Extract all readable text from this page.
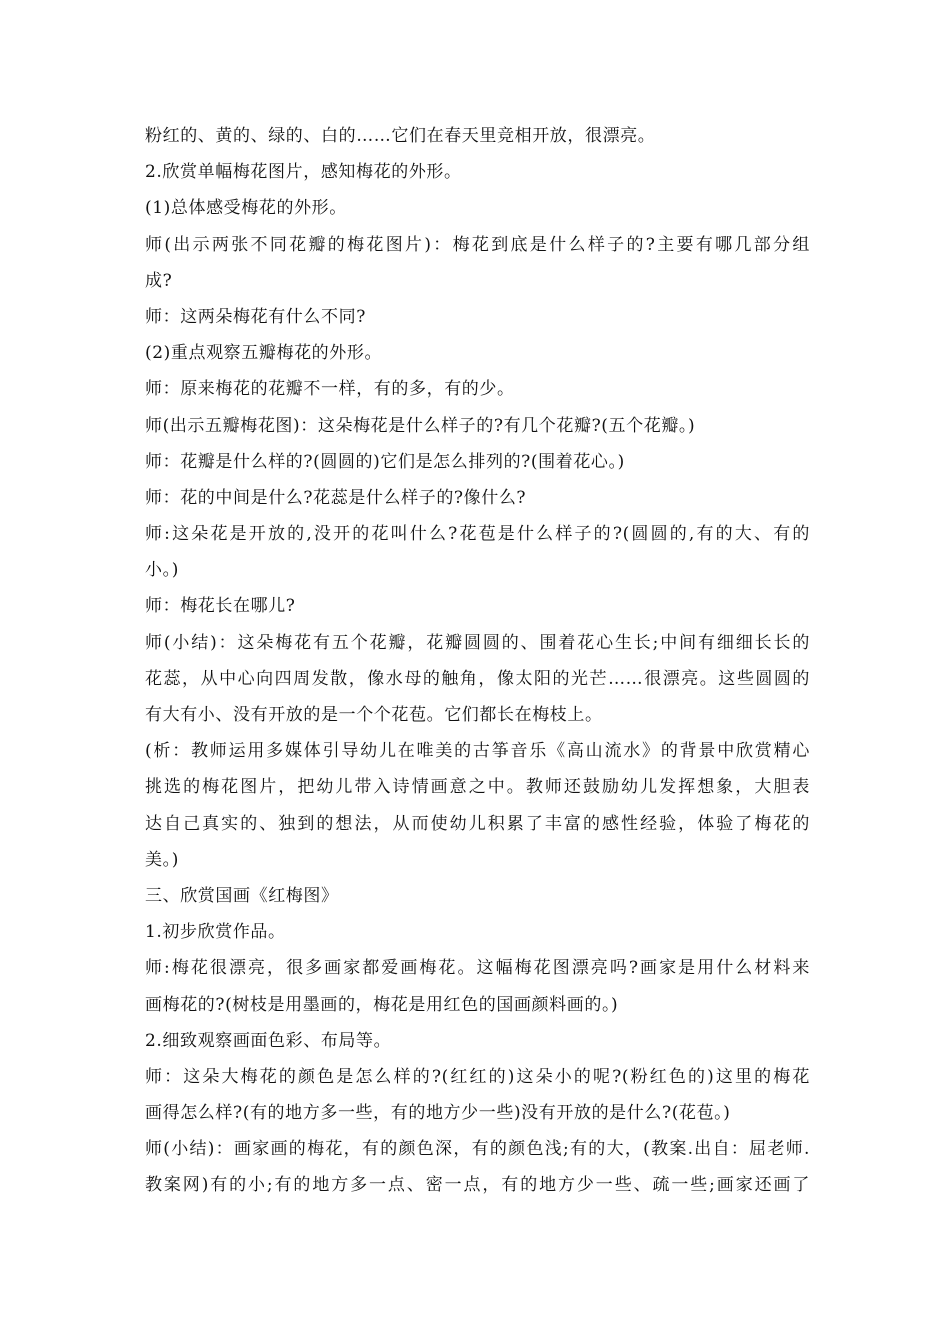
粉红的、黄的、绿的、白的……它们在春天里竞相开放，很漂亮。
2.欣赏单幅梅花图片，感知梅花的外形。
(1)总体感受梅花的外形。
师(出示两张不同花瓣的梅花图片)：梅花到底是什么样子的?主要有哪几部分组
成?
师：这两朵梅花有什么不同?
(2)重点观察五瓣梅花的外形。
师：原来梅花的花瓣不一样，有的多，有的少。
师(出示五瓣梅花图)：这朵梅花是什么样子的?有几个花瓣?(五个花瓣。)
师：花瓣是什么样的?(圆圆的)它们是怎么排列的?(围着花心。)
师：花的中间是什么?花蕊是什么样子的?像什么?
师:这朵花是开放的,没开的花叫什么?花苞是什么样子的?(圆圆的,有的大、有的
小。)
师：梅花长在哪儿?
师(小结)：这朵梅花有五个花瓣，花瓣圆圆的、围着花心生长;中间有细细长长的
花蕊，从中心向四周发散，像水母的触角，像太阳的光芒……很漂亮。这些圆圆的
有大有小、没有开放的是一个个花苞。它们都长在梅枝上。
(析：教师运用多媒体引导幼儿在唯美的古筝音乐《高山流水》的背景中欣赏精心
挑选的梅花图片，把幼儿带入诗情画意之中。教师还鼓励幼儿发挥想象，大胆表
达自己真实的、独到的想法，从而使幼儿积累了丰富的感性经验，体验了梅花的
美。)
三、欣赏国画《红梅图》
1.初步欣赏作品。
师:梅花很漂亮，很多画家都爱画梅花。这幅梅花图漂亮吗?画家是用什么材料来
画梅花的?(树枝是用墨画的，梅花是用红色的国画颜料画的。)
2.细致观察画面色彩、布局等。
师：这朵大梅花的颜色是怎么样的?(红红的)这朵小的呢?(粉红色的)这里的梅花
画得怎么样?(有的地方多一些，有的地方少一些)没有开放的是什么?(花苞。)
师(小结)：画家画的梅花，有的颜色深，有的颜色浅;有的大，(教案.出自：屈老师.
教案网)有的小;有的地方多一点、密一点，有的地方少一些、疏一些;画家还画了
